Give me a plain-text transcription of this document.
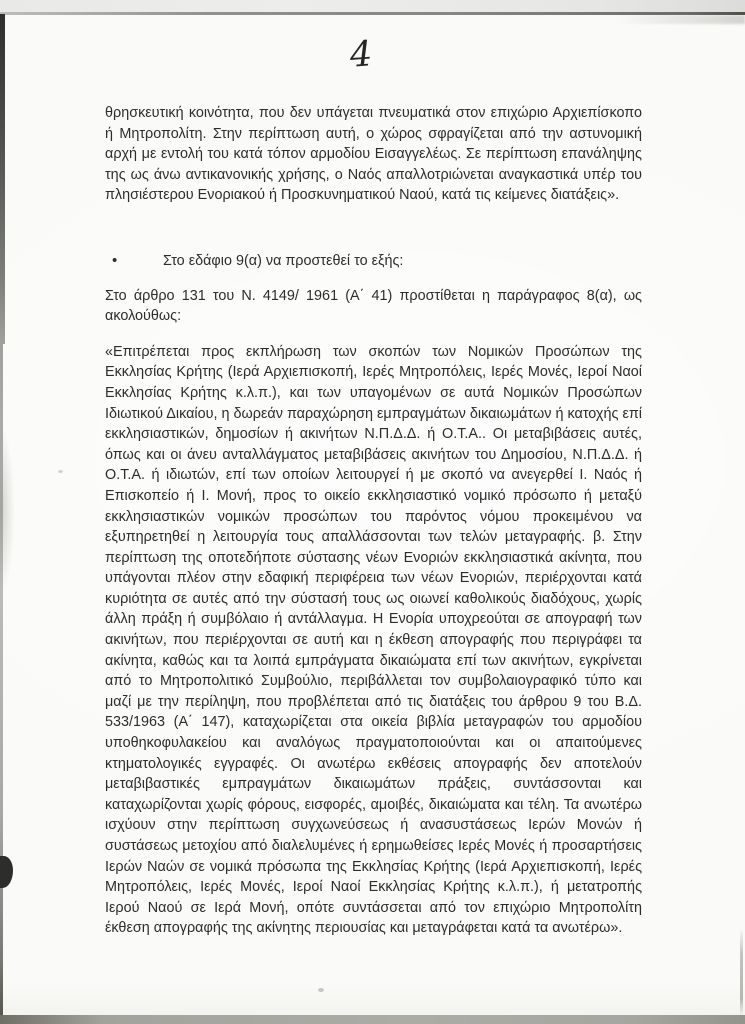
4

θρησκευτική κοινότητα, που δεν υπάγεται πνευματικά στον επιχώριο Αρχιεπίσκοπο ή Μητροπολίτη. Στην περίπτωση αυτή, ο χώρος σφραγίζεται από την αστυνομική αρχή με εντολή του κατά τόπον αρμοδίου Εισαγγελέως. Σε περίπτωση επανάληψης της ως άνω αντικανονικής χρήσης, ο Ναός απαλλοτριώνεται αναγκαστικά υπέρ του πλησιέστερου Ενοριακού ή Προσκυνηματικού Ναού, κατά τις κείμενες διατάξεις».

•	Στο εδάφιο 9(α) να προστεθεί το εξής:

Στο άρθρο 131 του Ν. 4149/ 1961 (Α΄ 41) προστίθεται η παράγραφος 8(α), ως ακολούθως:

«Επιτρέπεται προς εκπλήρωση των σκοπών των Νομικών Προσώπων της Εκκλησίας Κρήτης (Ιερά Αρχιεπισκοπή, Ιερές Μητροπόλεις, Ιερές Μονές, Ιεροί Ναοί Εκκλησίας Κρήτης κ.λ.π.), και των υπαγομένων σε αυτά Νομικών Προσώπων Ιδιωτικού Δικαίου, η δωρεάν παραχώρηση εμπραγμάτων δικαιωμάτων ή κατοχής επί εκκλησιαστικών, δημοσίων ή ακινήτων Ν.Π.Δ.Δ. ή Ο.Τ.Α.. Οι μεταβιβάσεις αυτές, όπως και οι άνευ ανταλλάγματος μεταβιβάσεις ακινήτων του Δημοσίου, Ν.Π.Δ.Δ. ή Ο.Τ.Α. ή ιδιωτών, επί των οποίων λειτουργεί ή με σκοπό να ανεγερθεί Ι. Ναός ή Επισκοπείο ή Ι. Μονή, προς το οικείο εκκλησιαστικό νομικό πρόσωπο ή μεταξύ εκκλησιαστικών νομικών προσώπων του παρόντος νόμου προκειμένου να εξυπηρετηθεί η λειτουργία τους απαλλάσσονται των τελών μεταγραφής. β. Στην περίπτωση της οποτεδήποτε σύστασης νέων Ενοριών εκκλησιαστικά ακίνητα, που υπάγονται πλέον στην εδαφική περιφέρεια των νέων Ενοριών, περιέρχονται κατά κυριότητα σε αυτές από την σύστασή τους ως οιωνεί καθολικούς διαδόχους, χωρίς άλλη πράξη ή συμβόλαιο ή αντάλλαγμα. Η Ενορία υποχρεούται σε απογραφή των ακινήτων, που περιέρχονται σε αυτή και η έκθεση απογραφής που περιγράφει τα ακίνητα, καθώς και τα λοιπά εμπράγματα δικαιώματα επί των ακινήτων, εγκρίνεται από το Μητροπολιτικό Συμβούλιο, περιβάλλεται τον συμβολαιογραφικό τύπο και μαζί με την περίληψη, που προβλέπεται από τις διατάξεις του άρθρου 9 του Β.Δ. 533/1963 (Α΄ 147), καταχωρίζεται στα οικεία βιβλία μεταγραφών του αρμοδίου υποθηκοφυλακείου και αναλόγως πραγματοποιούνται και οι απαιτούμενες κτηματολογικές εγγραφές. Οι ανωτέρω εκθέσεις απογραφής δεν αποτελούν μεταβιβαστικές εμπραγμάτων δικαιωμάτων πράξεις, συντάσσονται και καταχωρίζονται χωρίς φόρους, εισφορές, αμοιβές, δικαιώματα και τέλη. Τα ανωτέρω ισχύουν στην περίπτωση συγχωνεύσεως ή ανασυστάσεως Ιερών Μονών ή συστάσεως μετοχίου από διαλελυμένες ή ερημωθείσες Ιερές Μονές ή προσαρτήσεις Ιερών Ναών σε νομικά πρόσωπα της Εκκλησίας Κρήτης (Ιερά Αρχιεπισκοπή, Ιερές Μητροπόλεις, Ιερές Μονές, Ιεροί Ναοί Εκκλησίας Κρήτης κ.λ.π.), ή μετατροπής Ιερού Ναού σε Ιερά Μονή, οπότε συντάσσεται από τον επιχώριο Μητροπολίτη έκθεση απογραφής της ακίνητης περιουσίας και μεταγράφεται κατά τα ανωτέρω».
